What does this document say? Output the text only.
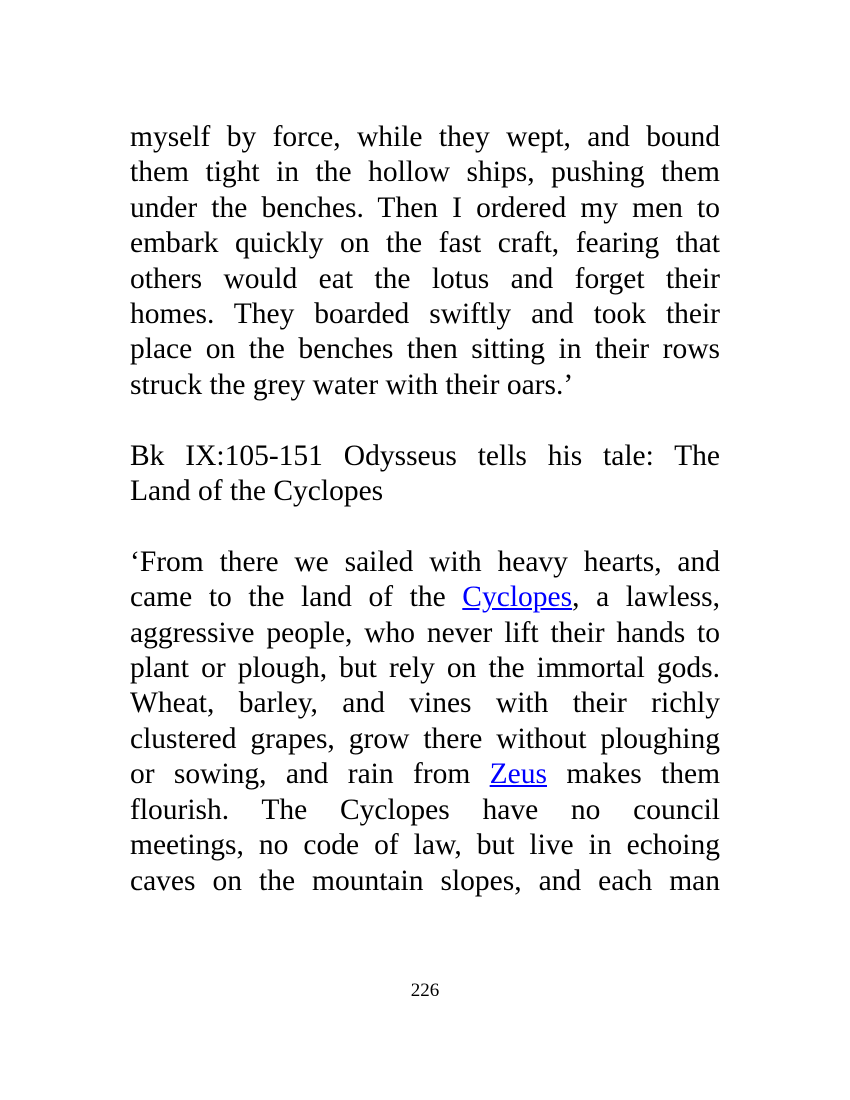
myself by force, while they wept, and bound
them tight in the hollow ships, pushing them
under the benches. Then I ordered my men to
embark quickly on the fast craft, fearing that
others would eat the lotus and forget their
homes. They boarded swiftly and took their
place on the benches then sitting in their rows
struck the grey water with their oars.’

Bk IX:105-151 Odysseus tells his tale: The
Land of the Cyclopes

‘From there we sailed with heavy hearts, and
came to the land of the Cyclopes, a lawless,
aggressive people, who never lift their hands to
plant or plough, but rely on the immortal gods.
Wheat, barley, and vines with their richly
clustered grapes, grow there without ploughing
or sowing, and rain from Zeus makes them
flourish. The Cyclopes have no council
meetings, no code of law, but live in echoing
caves on the mountain slopes, and each man

226
